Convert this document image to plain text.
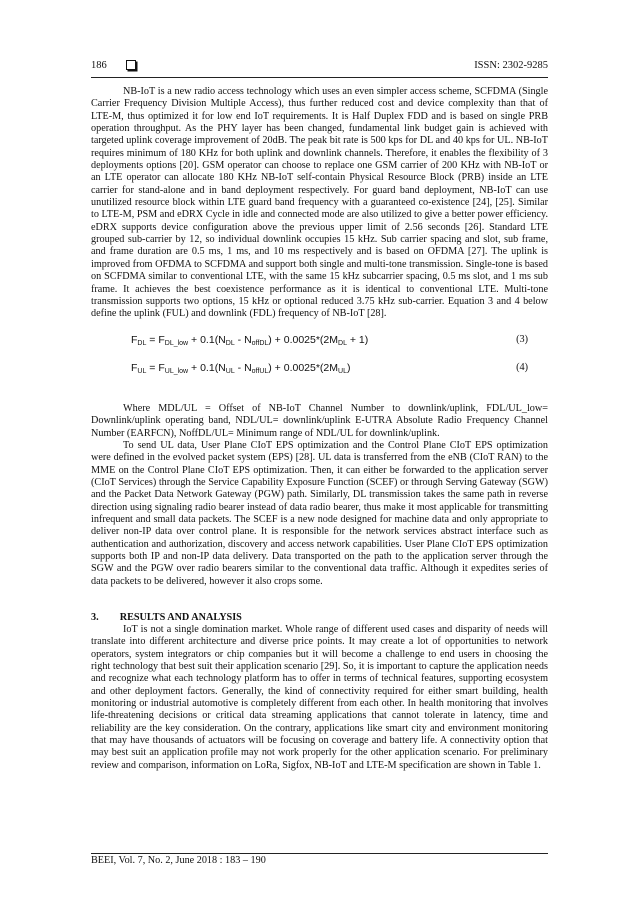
186	ISSN: 2302-9285

NB-IoT is a new radio access technology which uses an even simpler access scheme, SCFDMA (Single Carrier Frequency Division Multiple Access), thus further reduced cost and device complexity than that of LTE-M, thus optimized it for low end IoT requirements. It is Half Duplex FDD and is based on single PRB operation throughput. As the PHY layer has been changed, fundamental link budget gain is achieved with targeted uplink coverage improvement of 20dB. The peak bit rate is 500 kps for DL and 40 kps for UL. NB-IoT requires minimum of 180 KHz for both uplink and downlink channels. Therefore, it enables the flexibility of 3 deployments options [20]. GSM operator can choose to replace one GSM carrier of 200 KHz with NB-IoT or an LTE operator can allocate 180 KHz NB-IoT self-contain Physical Resource Block (PRB) inside an LTE carrier for stand-alone and in band deployment respectively. For guard band deployment, NB-IoT can use unutilized resource block within LTE guard band frequency with a guaranteed co-existence [24], [25]. Similar to LTE-M, PSM and eDRX Cycle in idle and connected mode are also utilized to give a better power efficiency. eDRX supports device configuration above the previous upper limit of 2.56 seconds [26]. Standard LTE grouped sub-carrier by 12, so individual downlink occupies 15 kHz. Sub carrier spacing and slot, sub frame, and frame duration are 0.5 ms, 1 ms, and 10 ms respectively and is based on OFDMA [27]. The uplink is improved from OFDMA to SCFDMA and support both single and multi-tone transmission. Single-tone is based on SCFDMA similar to conventional LTE, with the same 15 kHz subcarrier spacing, 0.5 ms slot, and 1 ms sub frame. It achieves the best coexistence performance as it is identical to conventional LTE. Multi-tone transmission supports two options, 15 kHz or optional reduced 3.75 kHz sub-carrier. Equation 3 and 4 below define the uplink (FUL) and downlink (FDL) frequency of NB-IoT [28].

$F_{DL} = F_{DL\_low} + 0.1(N_{DL} - N_{offDL}) + 0.0025*(2M_{DL} + 1)$	(3)
$F_{UL} = F_{UL\_low} + 0.1(N_{UL} - N_{offUL}) + 0.0025*(2M_{UL})$	(4)

Where MDL/UL = Offset of NB-IoT Channel Number to downlink/uplink, FDL/UL_low= Downlink/uplink operating band, NDL/UL= downlink/uplink E-UTRA Absolute Radio Frequency Channel Number (EARFCN), NoffDL/UL= Minimum range of NDL/UL for downlink/uplink.

To send UL data, User Plane CIoT EPS optimization and the Control Plane CIoT EPS optimization were defined in the evolved packet system (EPS) [28]. UL data is transferred from the eNB (CIoT RAN) to the MME on the Control Plane CIoT EPS optimization. Then, it can either be forwarded to the application server (CIoT Services) through the Service Capability Exposure Function (SCEF) or through Serving Gateway (SGW) and the Packet Data Network Gateway (PGW) path. Similarly, DL transmission takes the same path in reverse direction using signaling radio bearer instead of data radio bearer, thus make it most applicable for transmitting infrequent and small data packets. The SCEF is a new node designed for machine data and only appropriate to deliver non-IP data over control plane. It is responsible for the network services abstract interface such as authentication and authorization, discovery and access network capabilities. User Plane CIoT EPS optimization supports both IP and non-IP data delivery. Data transported on the path to the application server through the SGW and the PGW over radio bearers similar to the conventional data traffic. Although it expedites series of data packets to be delivered, however it also crops some.

3. RESULTS AND ANALYSIS

IoT is not a single domination market. Whole range of different used cases and disparity of needs will translate into different architecture and diverse price points. It may create a lot of opportunities to network operators, system integrators or chip companies but it will become a challenge to end users in choosing the right technology that best suit their application scenario [29]. So, it is important to capture the application needs and recognize what each technology platform has to offer in terms of technical features, supporting ecosystem and other deployment factors. Generally, the kind of connectivity required for either smart building, health monitoring or industrial automotive is completely different from each other. In health monitoring that involves life-threatening decisions or critical data streaming applications that cannot tolerate in latency, time and reliability are the key consideration. On the contrary, applications like smart city and environment monitoring that may have thousands of actuators will be focusing on coverage and battery life. A connectivity option that may best suit an application profile may not work properly for the other application scenario. For preliminary review and comparison, information on LoRa, Sigfox, NB-IoT and LTE-M specification are shown in Table 1.

BEEI, Vol. 7, No. 2, June 2018 : 183 – 190
